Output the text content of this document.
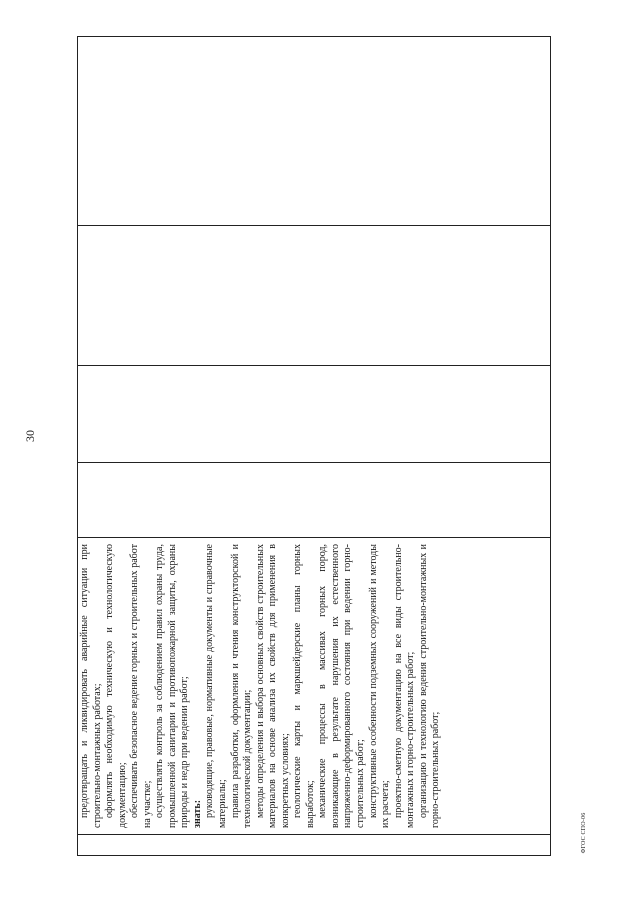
30

предотвращать и ликвидировать аварийные ситуации при строительно-монтажных работах; оформлять необходимую техническую и технологическую документацию; обеспечивать безопасное ведение горных и строительных работ на участке; осуществлять контроль за соблюдением правил охраны труда, промышленной санитарии и противопожарной защиты, охраны природы и недр при ведении работ; знать: руководящие, правовые, нормативные документы и справочные материалы; правила разработки, оформления и чтения конструкторской и технологической документации; методы определения и выбора основных свойств строительных материалов на основе анализа их свойств для применения в конкретных условиях; геологические карты и маркшейдерские планы горных выработок; механические процессы в массивах горных пород, возникающие в результате нарушения их естественного напряженно-деформированного состояния при ведении горно-строительных работ; конструктивные особенности подземных сооружений и методы их расчета; проектно-сметную документацию на все виды строительно-монтажных и горно-строительных работ; организацию и технологию ведения строительно-монтажных и горно-строительных работ;

ФГОС СПО-06
